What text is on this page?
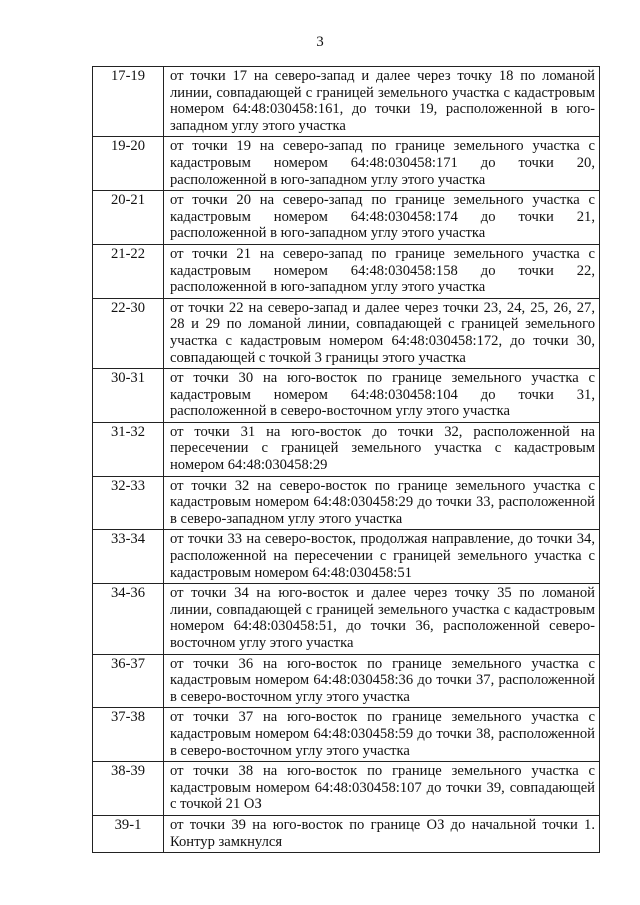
3
17-19	от точки 17 на северо-запад и далее через точку 18 по ломаной линии, совпадающей с границей земельного участка с кадастровым номером 64:48:030458:161, до точки 19, расположенной в юго-западном углу этого участка
19-20	от точки 19 на северо-запад по границе земельного участка с кадастровым номером 64:48:030458:171 до точки 20, расположенной в юго-западном углу этого участка
20-21	от точки 20 на северо-запад по границе земельного участка с кадастровым номером 64:48:030458:174 до точки 21, расположенной в юго-западном углу этого участка
21-22	от точки 21 на северо-запад по границе земельного участка с кадастровым номером 64:48:030458:158 до точки 22, расположенной в юго-западном углу этого участка
22-30	от точки 22 на северо-запад и далее через точки 23, 24, 25, 26, 27, 28 и 29 по ломаной линии, совпадающей с границей земельного участка с кадастровым номером 64:48:030458:172, до точки 30, совпадающей с точкой 3 границы этого участка
30-31	от точки 30 на юго-восток по границе земельного участка с кадастровым номером 64:48:030458:104 до точки 31, расположенной в северо-восточном углу этого участка
31-32	от точки 31 на юго-восток до точки 32, расположенной на пересечении с границей земельного участка с кадастровым номером 64:48:030458:29
32-33	от точки 32 на северо-восток по границе земельного участка с кадастровым номером 64:48:030458:29 до точки 33, расположенной в северо-западном углу этого участка
33-34	от точки 33 на северо-восток, продолжая направление, до точки 34, расположенной на пересечении с границей земельного участка с кадастровым номером 64:48:030458:51
34-36	от точки 34 на юго-восток и далее через точку 35 по ломаной линии, совпадающей с границей земельного участка с кадастровым номером 64:48:030458:51, до точки 36, расположенной северо-восточном углу этого участка
36-37	от точки 36 на юго-восток по границе земельного участка с кадастровым номером 64:48:030458:36 до точки 37, расположенной в северо-восточном углу этого участка
37-38	от точки 37 на юго-восток по границе земельного участка с кадастровым номером 64:48:030458:59 до точки 38, расположенной в северо-восточном углу этого участка
38-39	от точки 38 на юго-восток по границе земельного участка с кадастровым номером 64:48:030458:107 до точки 39, совпадающей с точкой 21 ОЗ
39-1	от точки 39 на юго-восток по границе ОЗ до начальной точки 1. Контур замкнулся
